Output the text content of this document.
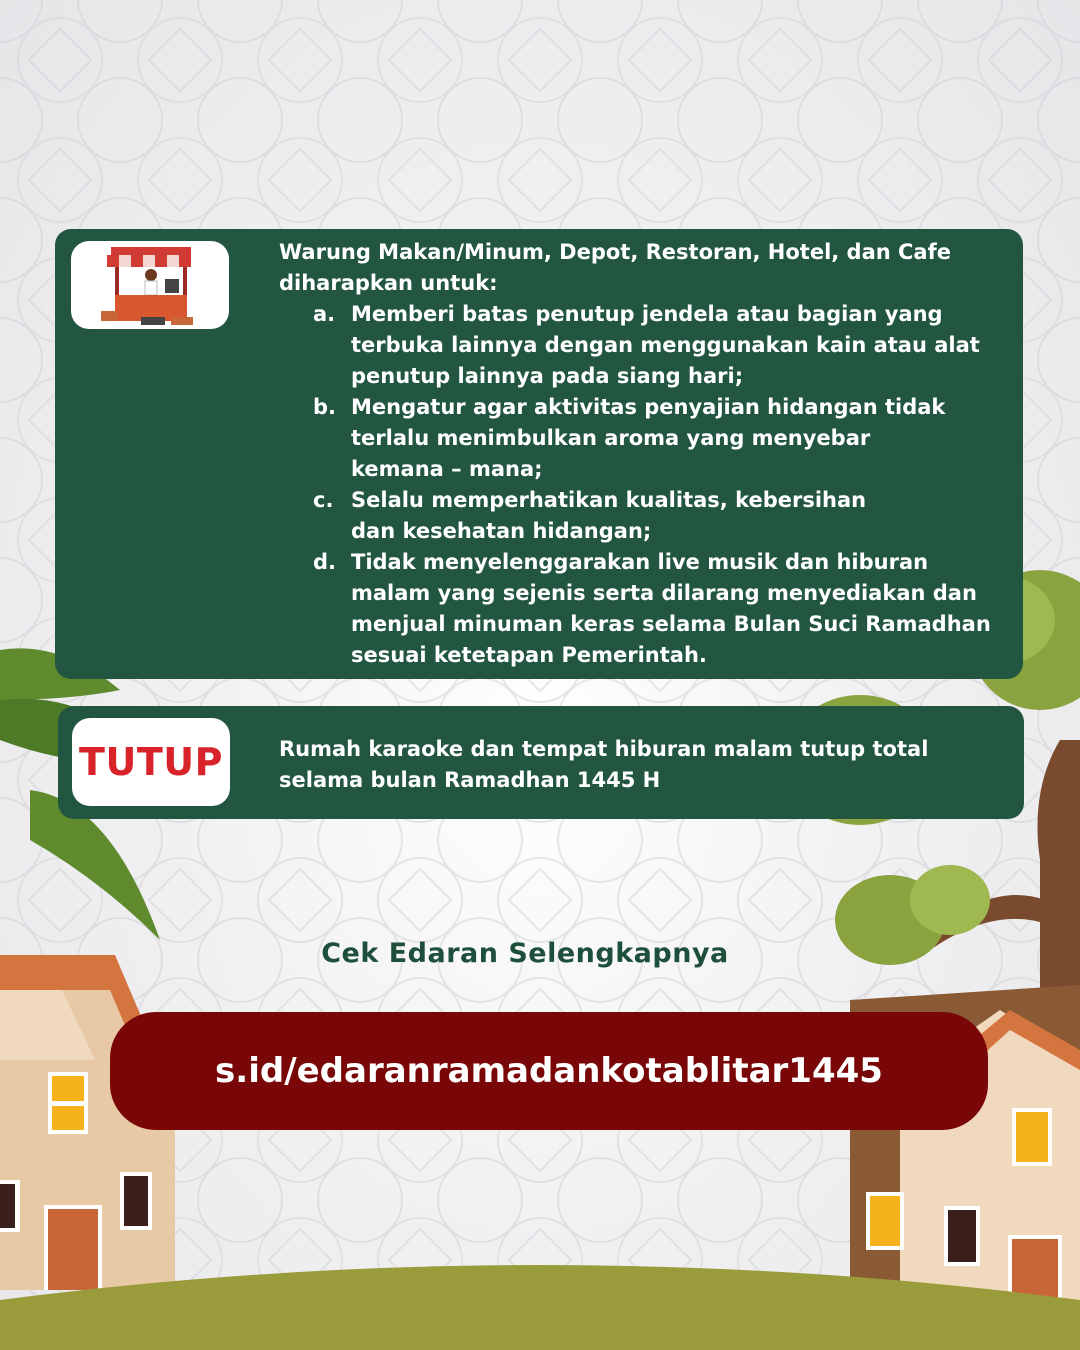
Warung Makan/Minum, Depot, Restoran, Hotel, dan Cafe
diharapkan untuk:
a. Memberi batas penutup jendela atau bagian yang
terbuka lainnya dengan menggunakan kain atau alat
penutup lainnya pada siang hari;
b. Mengatur agar aktivitas penyajian hidangan tidak
terlalu menimbulkan aroma yang menyebar
kemana – mana;
c. Selalu memperhatikan kualitas, kebersihan
dan kesehatan hidangan;
d. Tidak menyelenggarakan live musik dan hiburan
malam yang sejenis serta dilarang menyediakan dan
menjual minuman keras selama Bulan Suci Ramadhan
sesuai ketetapan Pemerintah.
TUTUP	Rumah karaoke dan tempat hiburan malam tutup total
selama bulan Ramadhan 1445 H
Cek Edaran Selengkapnya
s.id/edaranramadankotablitar1445
